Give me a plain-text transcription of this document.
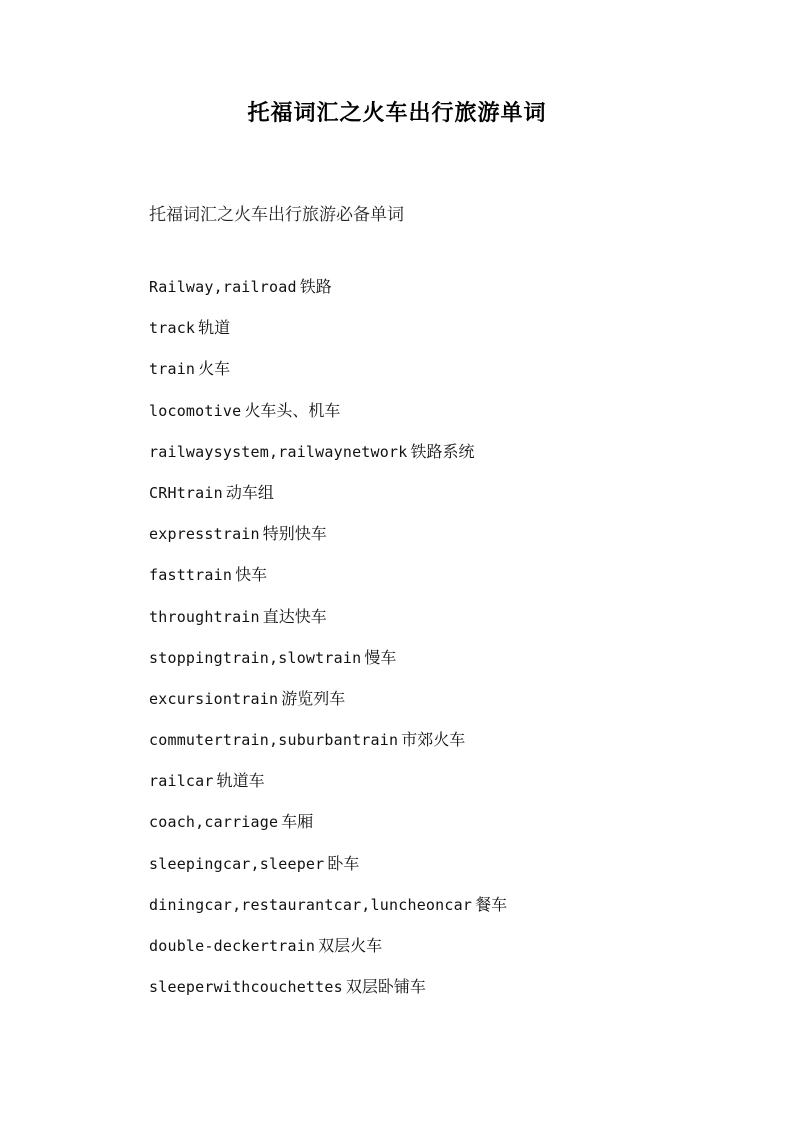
托福词汇之火车出行旅游单词
托福词汇之火车出行旅游必备单词
Railway,railroad 铁路
track 轨道
train 火车
locomotive 火车头、机车
railwaysystem,railwaynetwork 铁路系统
CRHtrain 动车组
expresstrain 特别快车
fasttrain 快车
throughtrain 直达快车
stoppingtrain,slowtrain 慢车
excursiontrain 游览列车
commutertrain,suburbantrain 市郊火车
railcar 轨道车
coach,carriage 车厢
sleepingcar,sleeper 卧车
diningcar,restaurantcar,luncheoncar 餐车
double-deckertrain 双层火车
sleeperwithcouchettes 双层卧铺车
